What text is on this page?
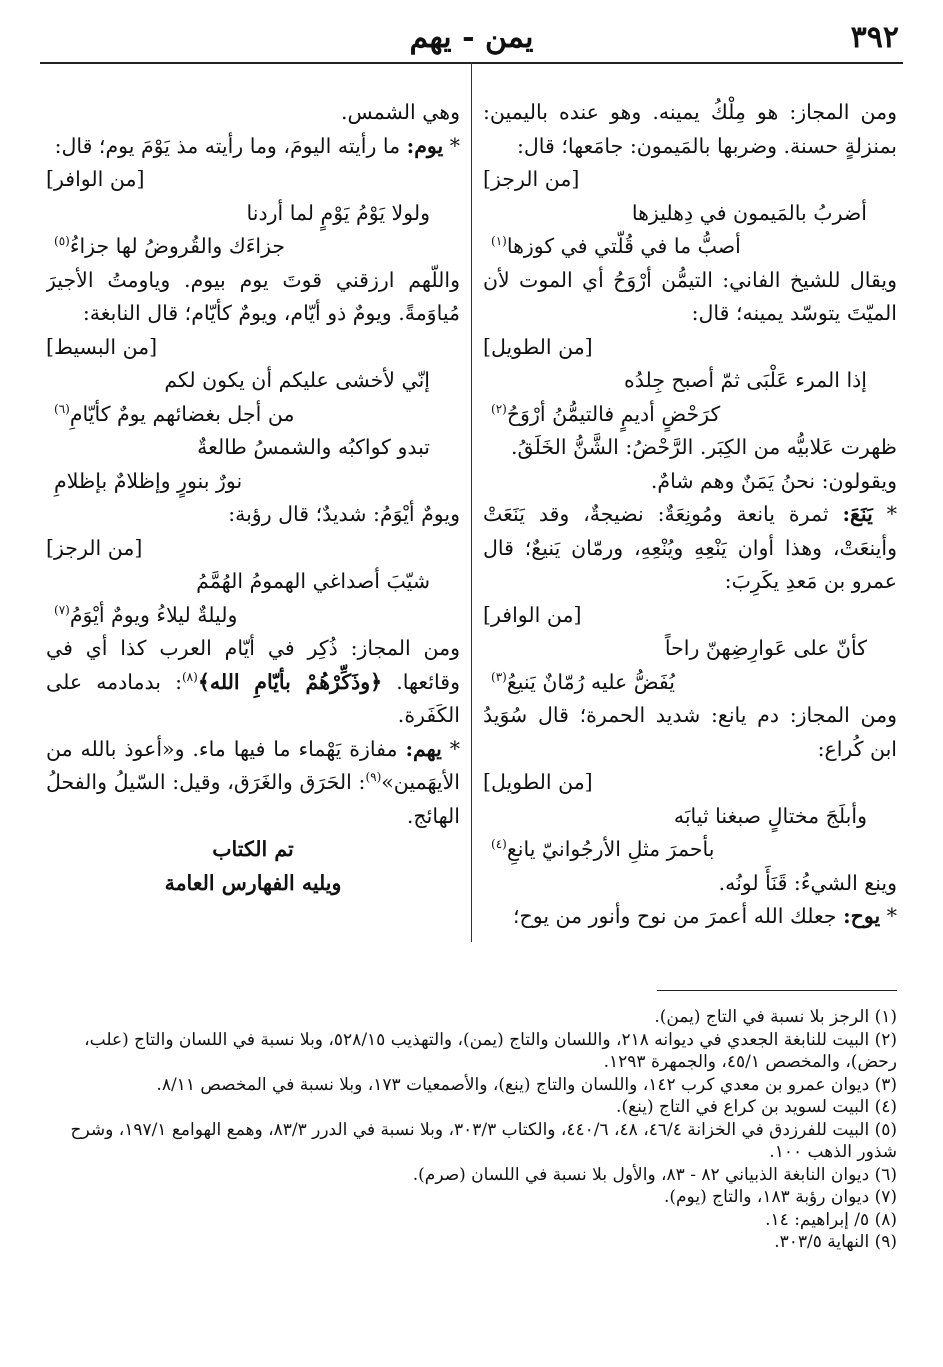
٣٩٢
يمن - يهم

ومن المجاز: هو مِلْكُ يمينه. وهو عنده باليمين: بمنزلةٍ حسنة. وضربها بالمَيمون: جامَعها؛ قال:

[من الرجز]
أضربُ بالمَيمون في دِهليزها
أصبُّ ما في قُلّتي في كوزها$^{(١)}$

ويقال للشيخ الفاني: التيمُّن أرْوَحُ أي الموت لأن الميّتَ يتوسّد يمينه؛ قال:

[من الطويل]
إذا المرء عَلْبَى ثمّ أصبح جِلدُه
كرَحْضٍ أديمٍ فالتيمُّنُ أرْوَحُ$^{(٢)}$

ظهرت عَلابيُّه من الكِبَر. الرَّحْضُ: الشَّنُّ الخَلَقُ.

ويقولون: نحنُ يَمَنٌ وهم شامٌ.

* يَنَعَ: ثمرة يانعة ومُونِعَةٌ: نضيجةٌ، وقد يَنَعَتْ وأينعَتْ، وهذا أوان يَنْعِهِ ويُنْعِهِ، ورمّان يَنيعٌ؛ قال عمرو بن مَعدِ يكَرِبَ:

[من الوافر]
كأنّ على عَوارِضِهنّ راحاً
يُفَضُّ عليه رُمّانٌ يَنيعُ$^{(٣)}$

ومن المجاز: دم يانع: شديد الحمرة؛ قال سُوَيدُ ابن كُراع:

[من الطويل]
وأبلَجَ مختالٍ صبغنا ثيابَه
بأحمرَ مثلِ الأرجُوانيّ يانعِ$^{(٤)}$

وينع الشيءُ: قَنَأَ لونُه.

* يوح: جعلك الله أعمرَ من نوح وأنور من يوح؛

وهي الشمس.

* يوم: ما رأيته اليومَ، وما رأيته مذ يَوْمَ يوم؛ قال:

[من الوافر]
ولولا يَوْمُ يَوْمٍ لما أردنا
جزاءَك والقُروضُ لها جزاءُ$^{(٥)}$

واللّهم ارزقني قوتَ يوم بيوم. وياومتُ الأجيرَ مُياوَمةً. ويومٌ ذو أيّام، ويومٌ كأيّام؛ قال النابغة:

[من البسيط]
إنّي لأخشى عليكم أن يكون لكم
من أجل بغضائهم يومٌ كأيّامِ$^{(٦)}$
تبدو كواكبُه والشمسُ طالعةٌ
نورٌ بنورٍ وإظلامٌ بإظلامِ

ويومٌ أيْوَمُ: شديدٌ؛ قال رؤبة:

[من الرجز]
شيّبَ أصداغي الهمومُ الهُمَّمُ
وليلةٌ ليلاءُ ويومٌ أيْوَمُ$^{(٧)}$

ومن المجاز: ذُكِر في أيّام العرب كذا أي في وقائعها. ﴿وذَكِّرْهُمْ بأيّامِ الله﴾$^{(٨)}$: بدمادمه على الكَفَرة.

* يهم: مفازة يَهْماء ما فيها ماء. و«أعوذ بالله من الأيهَمين»$^{(٩)}$: الحَرَق والغَرَق، وقيل: السّيلُ والفحلُ الهائج.

تم الكتاب
ويليه الفهارس العامة

(١) الرجز بلا نسبة في التاج (يمن).

(٢) البيت للنابغة الجعدي في ديوانه ٢١٨، واللسان والتاج (يمن)، والتهذيب ٥٢٨/١٥، وبلا نسبة في اللسان والتاج (علب، رحض)، والمخصص ٤٥/١، والجمهرة ١٢٩٣.

(٣) ديوان عمرو بن معدي كرب ١٤٢، واللسان والتاج (ينع)، والأصمعيات ١٧٣، وبلا نسبة في المخصص ٨/١١.

(٤) البيت لسويد بن كراع في التاج (ينع).

(٥) البيت للفرزدق في الخزانة ٤٦/٤، ٤٨، ٤٤٠/٦، والكتاب ٣٠٣/٣، وبلا نسبة في الدرر ٨٣/٣، وهمع الهوامع ١٩٧/١، وشرح شذور الذهب ١٠٠.

(٦) ديوان النابغة الذبياني ٨٢ - ٨٣، والأول بلا نسبة في اللسان (صرم).

(٧) ديوان رؤبة ١٨٣، والتاج (يوم).

(٨) ٥/ إبراهيم: ١٤.

(٩) النهاية ٣٠٣/٥.
